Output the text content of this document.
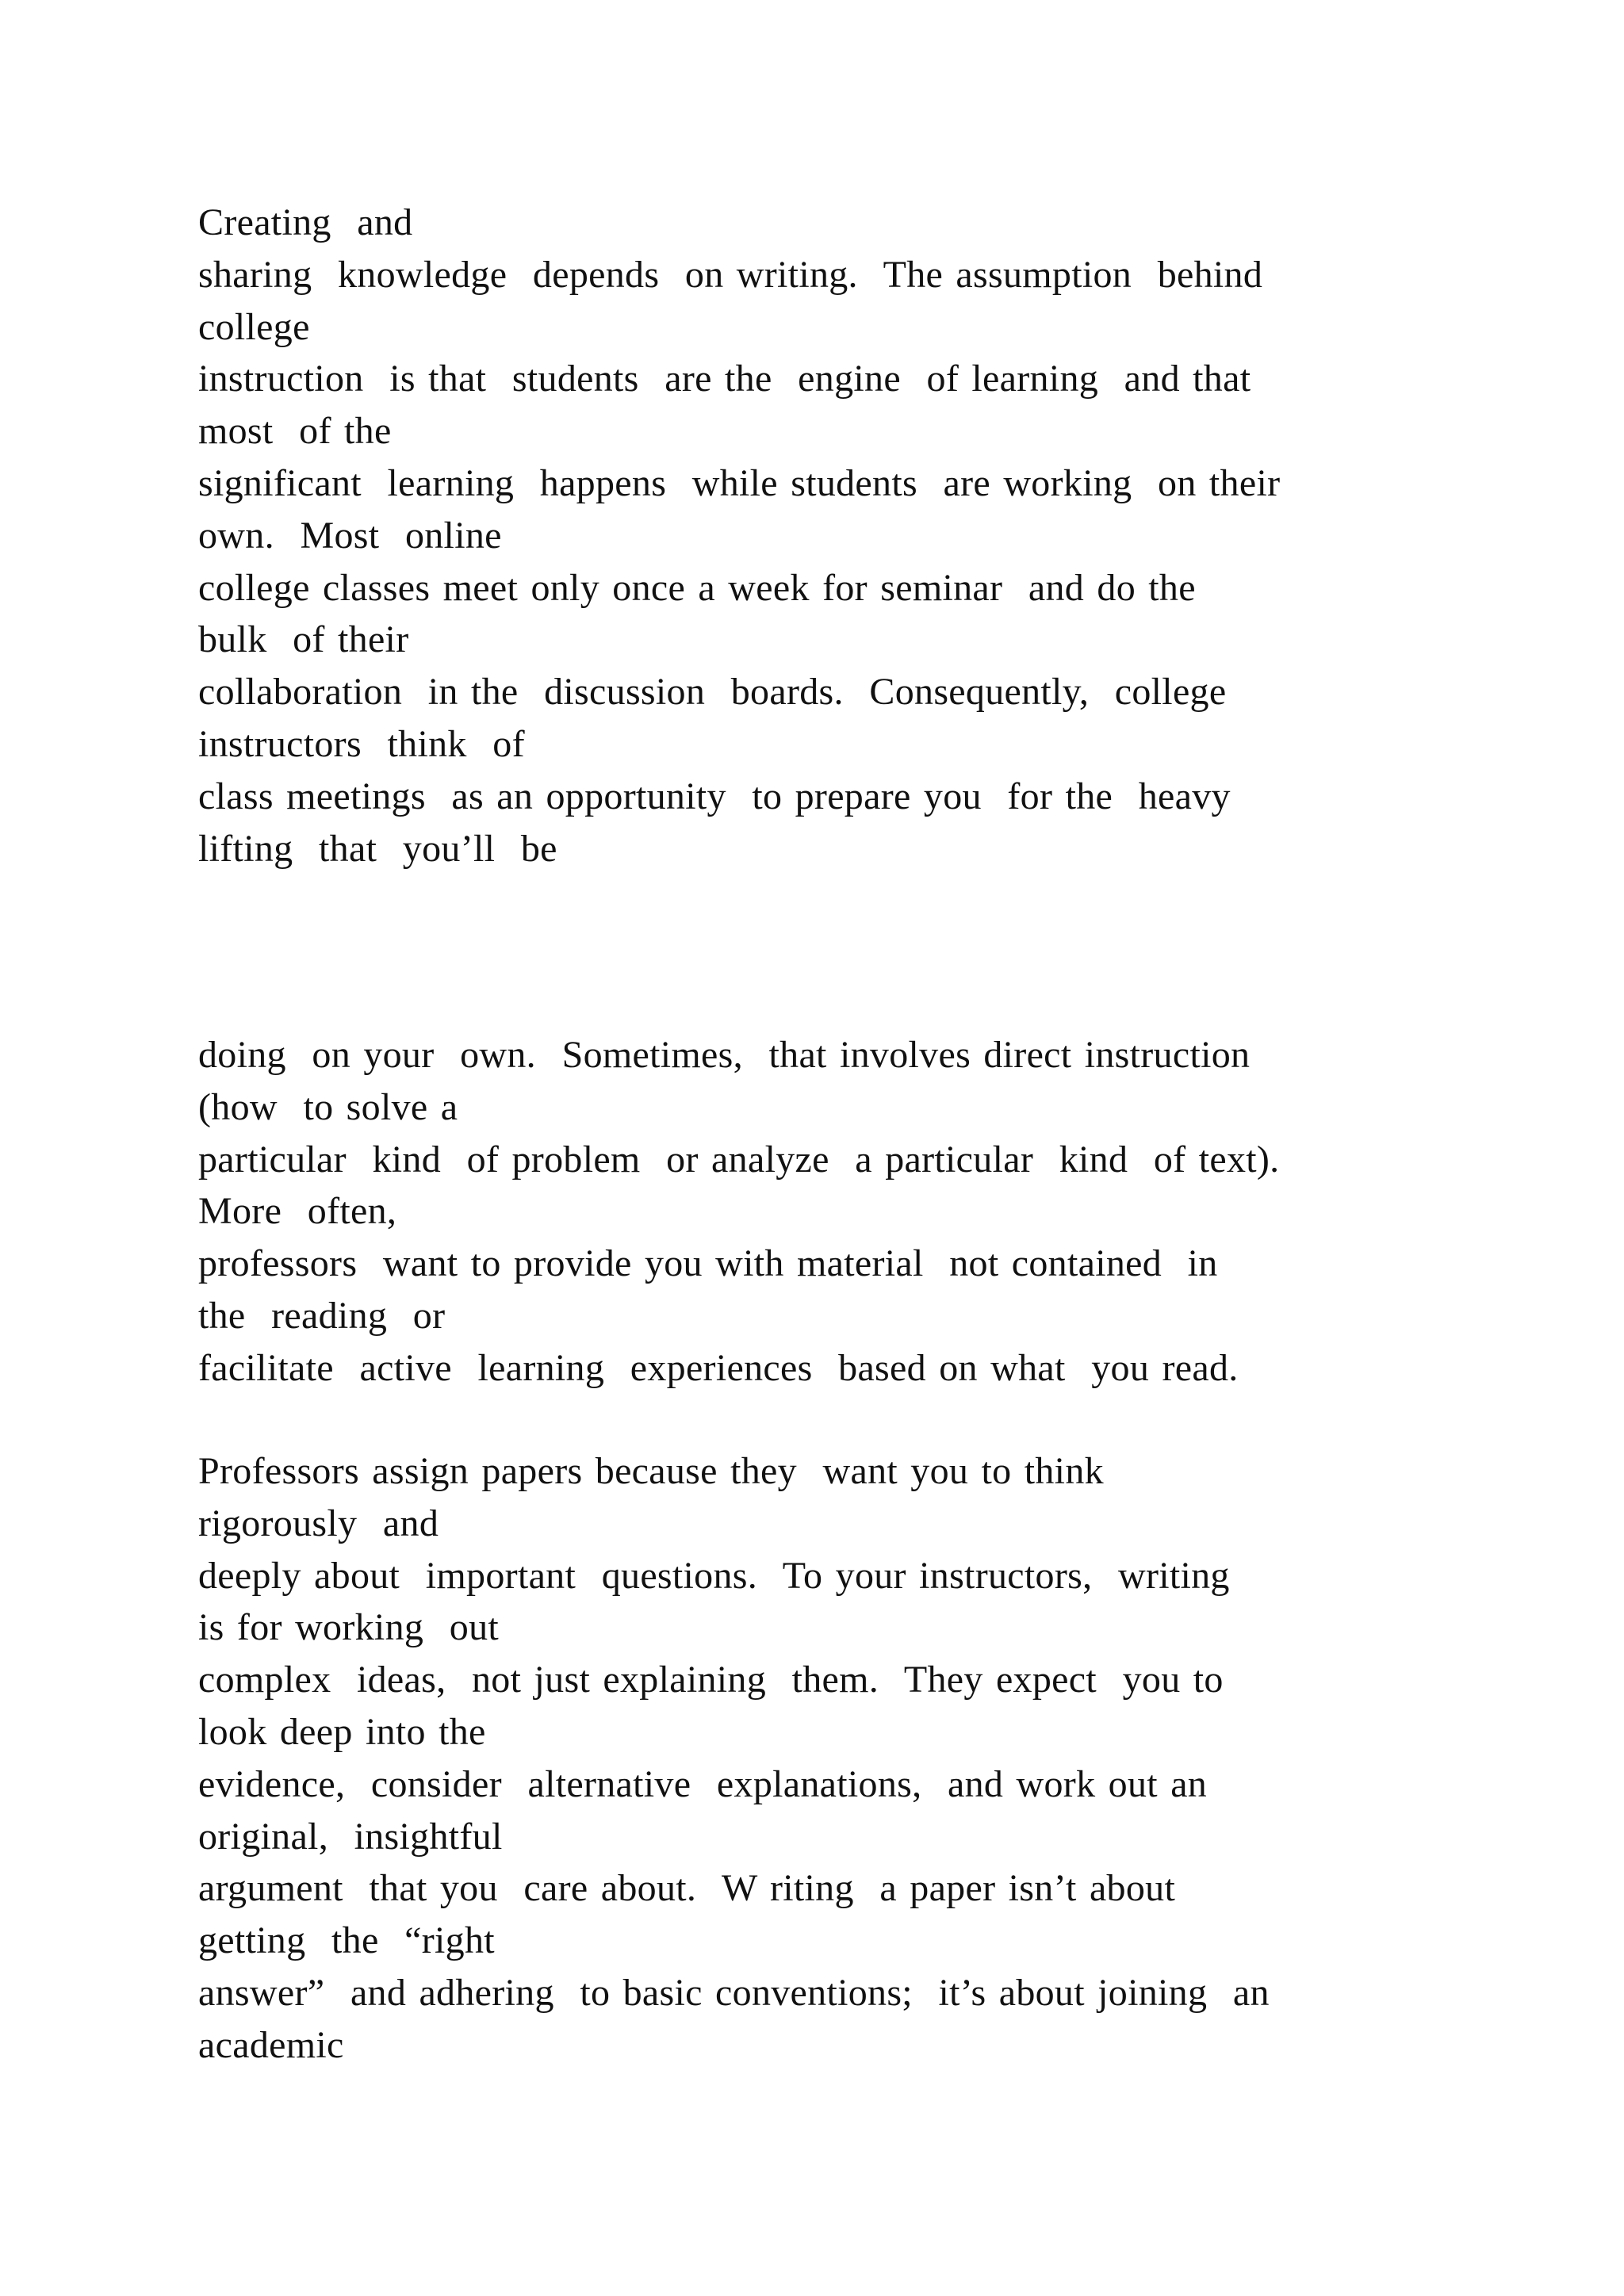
Creating  and
sharing  knowledge  depends  on writing.  The assumption  behind
college
instruction  is that  students  are the  engine  of learning  and that
most  of the
significant  learning  happens  while students  are working  on their
own.  Most  online
college classes meet only once a week for seminar  and do the
bulk  of their
collaboration  in the  discussion  boards.  Consequently,  college
instructors  think  of
class meetings  as an opportunity  to prepare you  for the  heavy
lifting  that  you’ll  be
doing  on your  own.  Sometimes,  that involves direct instruction
(how  to solve a
particular  kind  of problem  or analyze  a particular  kind  of text).
More  often,
professors  want to provide you with material  not contained  in
the  reading  or
facilitate  active  learning  experiences  based on what  you read.
Professors assign papers because they  want you to think
rigorously  and
deeply about  important  questions.  To your instructors,  writing
is for working  out
complex  ideas,  not just explaining  them.  They expect  you to
look deep into the
evidence,  consider  alternative  explanations,  and work out an
original,  insightful
argument  that you  care about.  W riting  a paper isn’t about
getting  the  “right
answer”  and adhering  to basic conventions;  it’s about joining  an
academic
